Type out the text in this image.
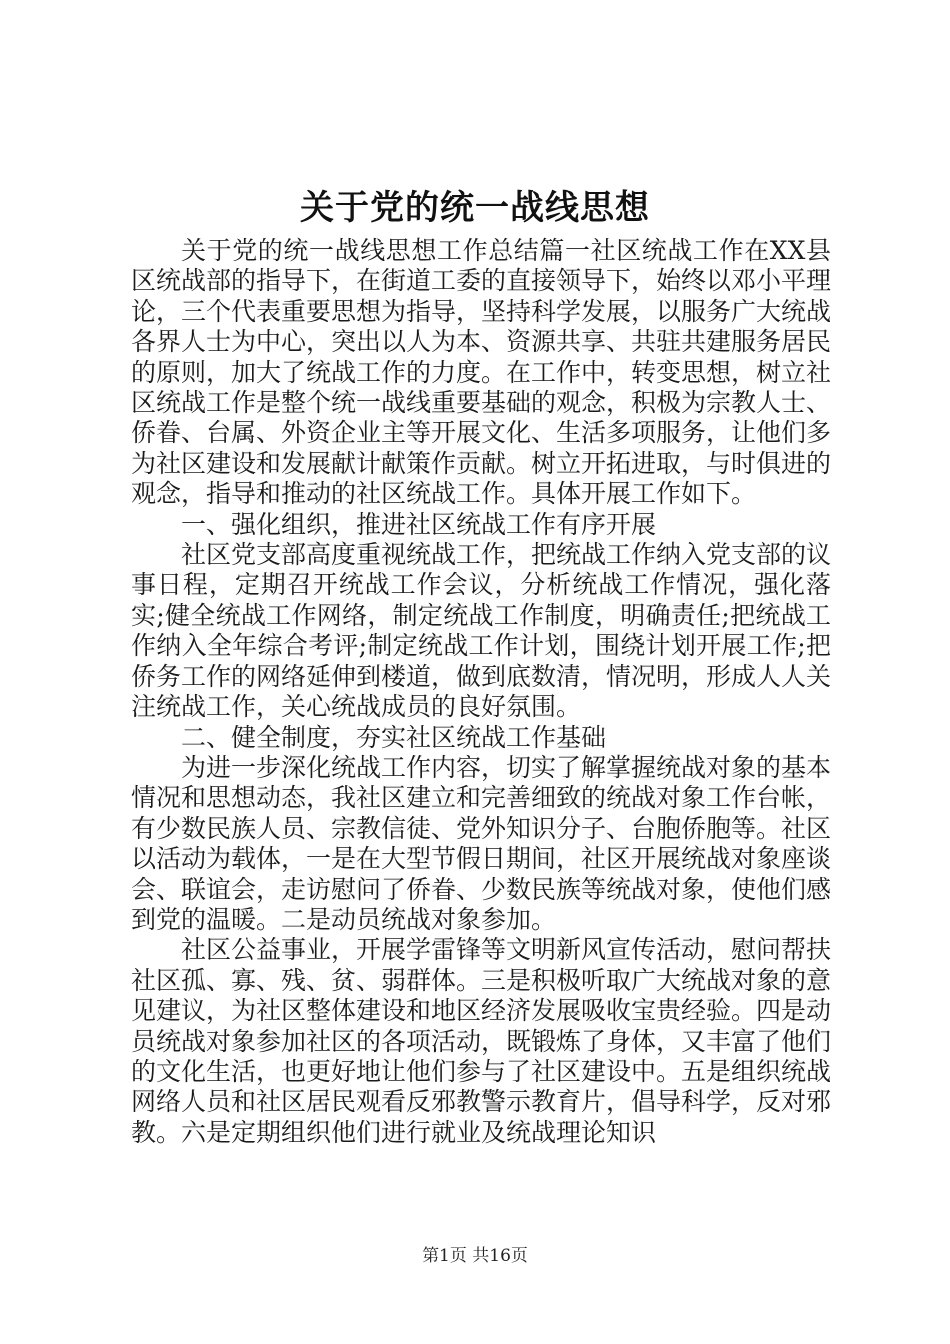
关于党的统一战线思想

关于党的统一战线思想工作总结篇一社区统战工作在XX县区统战部的指导下，在街道工委的直接领导下，始终以邓小平理论，三个代表重要思想为指导，坚持科学发展，以服务广大统战各界人士为中心，突出以人为本、资源共享、共驻共建服务居民的原则，加大了统战工作的力度。在工作中，转变思想，树立社区统战工作是整个统一战线重要基础的观念，积极为宗教人士、侨眷、台属、外资企业主等开展文化、生活多项服务，让他们多为社区建设和发展献计献策作贡献。树立开拓进取，与时俱进的观念，指导和推动的社区统战工作。具体开展工作如下。

一、强化组织，推进社区统战工作有序开展

社区党支部高度重视统战工作，把统战工作纳入党支部的议事日程，定期召开统战工作会议，分析统战工作情况，强化落实;健全统战工作网络，制定统战工作制度，明确责任;把统战工作纳入全年综合考评;制定统战工作计划，围绕计划开展工作;把侨务工作的网络延伸到楼道，做到底数清，情况明，形成人人关注统战工作，关心统战成员的良好氛围。

二、健全制度，夯实社区统战工作基础

为进一步深化统战工作内容，切实了解掌握统战对象的基本情况和思想动态，我社区建立和完善细致的统战对象工作台帐，有少数民族人员、宗教信徒、党外知识分子、台胞侨胞等。社区以活动为载体，一是在大型节假日期间，社区开展统战对象座谈会、联谊会，走访慰问了侨眷、少数民族等统战对象，使他们感到党的温暖。二是动员统战对象参加。

社区公益事业，开展学雷锋等文明新风宣传活动，慰问帮扶社区孤、寡、残、贫、弱群体。三是积极听取广大统战对象的意见建议，为社区整体建设和地区经济发展吸收宝贵经验。四是动员统战对象参加社区的各项活动，既锻炼了身体，又丰富了他们的文化生活，也更好地让他们参与了社区建设中。五是组织统战网络人员和社区居民观看反邪教警示教育片，倡导科学，反对邪教。六是定期组织他们进行就业及统战理论知识

第1页 共16页
